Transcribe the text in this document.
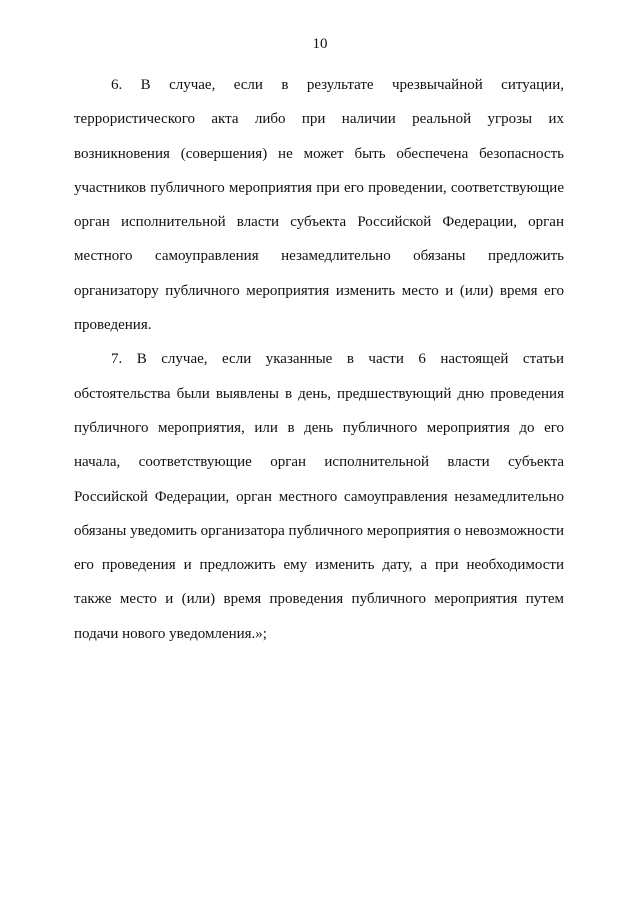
10

6. В случае, если в результате чрезвычайной ситуации, террористического акта либо при наличии реальной угрозы их возникновения (совершения) не может быть обеспечена безопасность участников публичного мероприятия при его проведении, соответствующие орган исполнительной власти субъекта Российской Федерации, орган местного самоуправления незамедлительно обязаны предложить организатору публичного мероприятия изменить место и (или) время его проведения.

7. В случае, если указанные в части 6 настоящей статьи обстоятельства были выявлены в день, предшествующий дню проведения публичного мероприятия, или в день публичного мероприятия до его начала, соответствующие орган исполнительной власти субъекта Российской Федерации, орган местного самоуправления незамедлительно обязаны уведомить организатора публичного мероприятия о невозможности его проведения и предложить ему изменить дату, а при необходимости также место и (или) время проведения публичного мероприятия путем подачи нового уведомления.»;
